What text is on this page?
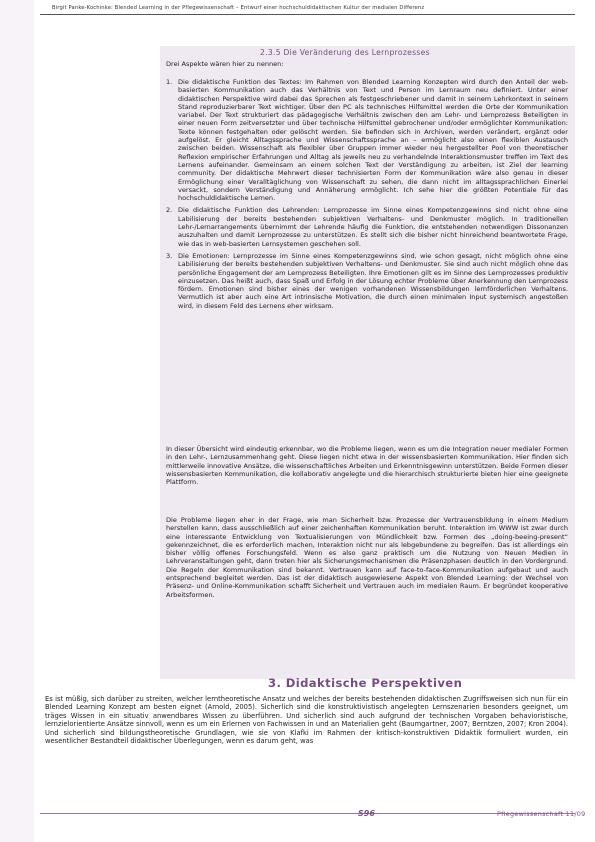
Birgit Panke-Kochinke: Blended Learning in der Pflegewissenschaft – Entwurf einer hochschuldidaktischen Kultur der medialen Differenz
2.3.5 Die Veränderung des Lernprozesses
Drei Aspekte wären hier zu nennen:
1. Die didaktische Funktion des Textes: Im Rahmen von Blended Learning Konzepten wird durch den Anteil der web-basierten Kommunikation auch das Verhältnis von Text und Person im Lernraum neu definiert. Unter einer didaktischen Perspektive wird dabei das Sprechen als festgeschriebener und damit in seinem Lehrkontext in seinem Stand reproduzierbarer Text wichtiger. Über den PC als technisches Hilfsmittel werden die Orte der Kommunikation variabel. Der Text strukturiert das pädagogische Verhältnis zwischen den am Lehr- und Lernprozess Beteiligten in einer neuen Form zeitversetzter und über technische Hilfsmittel gebrochener und/oder ermöglichter Kommunikation: Texte können festgehalten oder gelöscht werden. Sie befinden sich in Archiven, werden verändert, ergänzt oder aufgelöst. Er gleicht Alltagssprache und Wissenschaftssprache an – ermöglicht also einen flexiblen Austausch zwischen beiden. Wissenschaft als flexibler über Gruppen immer wieder neu hergestellter Pool von theoretischer Reflexion empirischer Erfahrungen und Alltag als jeweils neu zu verhandelnde Interaktionsmuster treffen im Text des Lernens aufeinander. Gemeinsam an einem solchen Text der Verständigung zu arbeiten, ist Ziel der learning community. Der didaktische Mehrwert dieser technisierten Form der Kommunikation wäre also genau in dieser Ermöglichung einer Veralltäglichung von Wissenschaft zu sehen, die dann nicht im alltagssprachlichen Einerlei versackt, sondern Verständigung und Annäherung ermöglicht. Ich sehe hier die größten Potentiale für das hochschuldidaktische Lernen.
2. Die didaktische Funktion des Lehrenden: Lernprozesse im Sinne eines Kompetenzgewinns sind nicht ohne eine Labilisierung der bereits bestehenden subjektiven Verhaltens- und Denkmuster möglich. In traditionellen Lehr-/Lernarrangements übernimmt der Lehrende häufig die Funktion, die entstehenden notwendigen Dissonanzen auszuhalten und damit Lernprozesse zu unterstützen. Es stellt sich die bisher nicht hinreichend beantwortete Frage, wie das in web-basierten Lernsystemen geschehen soll.
3. Die Emotionen: Lernprozesse im Sinne eines Kompetenzgewinns sind, wie schon gesagt, nicht möglich ohne eine Labilisierung der bereits bestehenden subjektiven Verhaltens- und Denkmuster. Sie sind auch nicht möglich ohne das persönliche Engagement der am Lernprozess Beteiligten. Ihre Emotionen gilt es im Sinne des Lernprozesses produktiv einzusetzen. Das heißt auch, dass Spaß und Erfolg in der Lösung echter Probleme über Anerkennung den Lernprozess fördern. Emotionen sind bisher eines der wenigen vorhandenen Wissensbildungen lernförderlichen Verhaltens. Vermutlich ist aber auch eine Art intrinsische Motivation, die durch einen minimalen Input systemisch angestoßen wird, in diesem Feld des Lernens eher wirksam.
In dieser Übersicht wird eindeutig erkennbar, wo die Probleme liegen, wenn es um die Integration neuer medialer Formen in den Lehr-, Lernzusammenhang geht. Diese liegen nicht etwa in der wissensbasierten Kommunikation. Hier finden sich mittlerweile innovative Ansätze, die wissenschaftliches Arbeiten und Erkenntnisgewinn unterstützen. Beide Formen dieser wissensbasierten Kommunikation, die kollaborativ angelegte und die hierarchisch strukturierte bieten hier eine geeignete Plattform.
Die Probleme liegen eher in der Frage, wie man Sicherheit bzw. Prozesse der Vertrauensbildung in einem Medium herstellen kann, dass ausschließlich auf einer zeichenhaften Kommunikation beruht. Interaktion im WWW ist zwar durch eine interessante Entwicklung von Textualisierungen von Mündlichkeit bzw. Formen des „doing-beeing-present“ gekennzeichnet, die es erforderlich machen, Interaktion nicht nur als lebgebundene zu begreifen. Das ist allerdings ein bisher völlig offenes Forschungsfeld. Wenn es also ganz praktisch um die Nutzung von Neuen Medien in Lehrveranstaltungen geht, dann treten hier als Sicherungsmechanismen die Präsenzphasen deutlich in den Vordergrund. Die Regeln der Kommunikation sind bekannt. Vertrauen kann auf face-to-face-Kommunikation aufgebaut und auch entsprechend begleitet werden. Das ist der didaktisch ausgewiesene Aspekt von Blended Learning: der Wechsel von Präsenz- und Online-Kommunikation schafft Sicherheit und Vertrauen auch im medialen Raum. Er begründet kooperative Arbeitsformen.
3. Didaktische Perspektiven
Es ist müßig, sich darüber zu streiten, welcher lerntheoretische Ansatz und welches der bereits bestehenden didaktischen Zugriffsweisen sich nun für ein Blended Learning Konzept am besten eignet (Arnold, 2005). Sicherlich sind die konstruktivistisch angelegten Lernszenarien besonders geeignet, um träges Wissen in ein situativ anwendbares Wissen zu überführen. Und sicherlich sind auch aufgrund der technischen Vorgaben behavioristische, lernzielorientierte Ansätze sinnvoll, wenn es um ein Erlernen von Fachwissen in und an Materialien geht (Baumgartner, 2007; Berntzen, 2007; Kron 2004). Und sicherlich sind bildungstheoretische Grundlagen, wie sie von Klafki im Rahmen der kritisch-konstruktiven Didaktik formuliert wurden, ein wesentlicher Bestandteil didaktischer Überlegungen, wenn es darum geht, was
S96	Pflegewissenschaft 11/09
